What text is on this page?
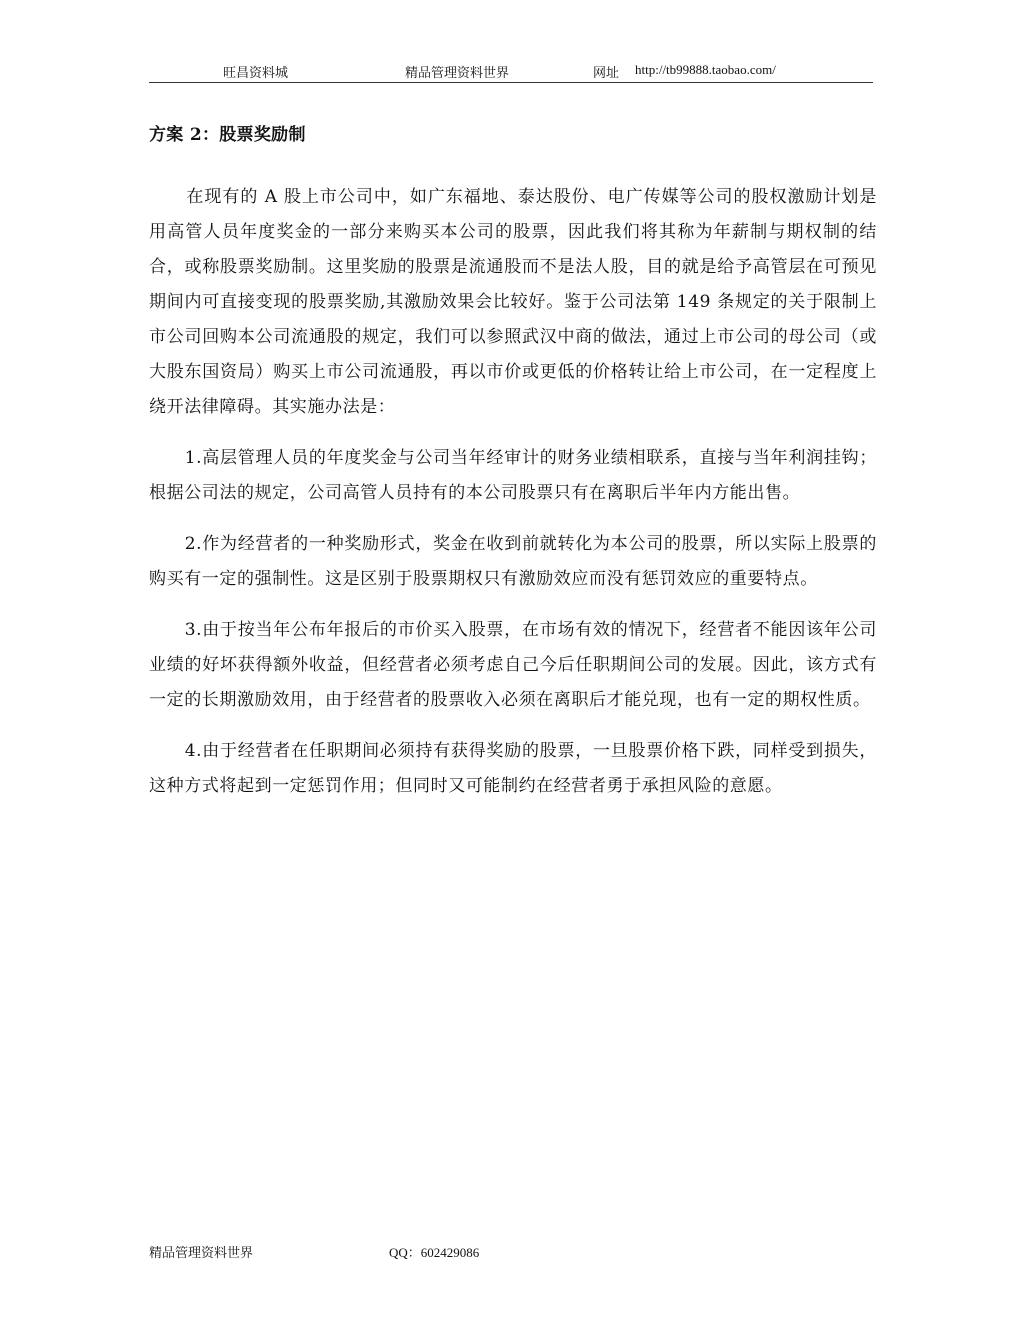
旺昌资料城	精品管理资料世界	网址 http://tb99888.taobao.com/
方案 2：股票奖励制

在现有的 A 股上市公司中，如广东福地、泰达股份、电广传媒等公司的股权激励计划是用高管人员年度奖金的一部分来购买本公司的股票，因此我们将其称为年薪制与期权制的结合，或称股票奖励制。这里奖励的股票是流通股而不是法人股，目的就是给予高管层在可预见期间内可直接变现的股票奖励,其激励效果会比较好。鉴于公司法第 149 条规定的关于限制上市公司回购本公司流通股的规定，我们可以参照武汉中商的做法，通过上市公司的母公司（或大股东国资局）购买上市公司流通股，再以市价或更低的价格转让给上市公司，在一定程度上绕开法律障碍。其实施办法是：

1.高层管理人员的年度奖金与公司当年经审计的财务业绩相联系，直接与当年利润挂钩；根据公司法的规定，公司高管人员持有的本公司股票只有在离职后半年内方能出售。

2.作为经营者的一种奖励形式，奖金在收到前就转化为本公司的股票，所以实际上股票的购买有一定的强制性。这是区别于股票期权只有激励效应而没有惩罚效应的重要特点。

3.由于按当年公布年报后的市价买入股票，在市场有效的情况下，经营者不能因该年公司业绩的好坏获得额外收益，但经营者必须考虑自己今后任职期间公司的发展。因此，该方式有一定的长期激励效用，由于经营者的股票收入必须在离职后才能兑现，也有一定的期权性质。

4.由于经营者在任职期间必须持有获得奖励的股票，一旦股票价格下跌，同样受到损失，这种方式将起到一定惩罚作用；但同时又可能制约在经营者勇于承担风险的意愿。

精品管理资料世界	QQ：602429086
